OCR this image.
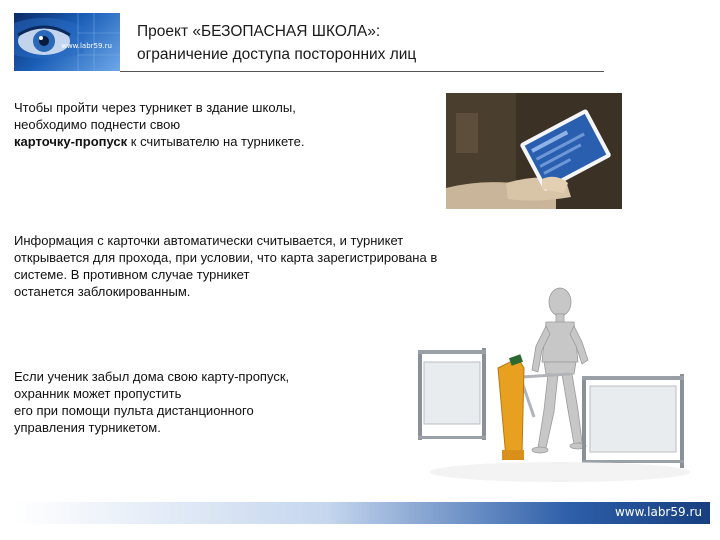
www.labr59.ru
Проект «БЕЗОПАСНАЯ ШКОЛА»:
ограничение доступа посторонних лиц
Чтобы пройти через турникет в здание школы,
необходимо поднести свою
карточку-пропуск к считывателю на турникете.
Информация с карточки автоматически считывается, и турникет
открывается для прохода, при условии, что карта зарегистрирована в
системе. В противном случае турникет
останется заблокированным.
Если ученик забыл дома свою карту-пропуск,
охранник может пропустить
его при помощи пульта дистанционного
управления турникетом.
www.labr59.ru
